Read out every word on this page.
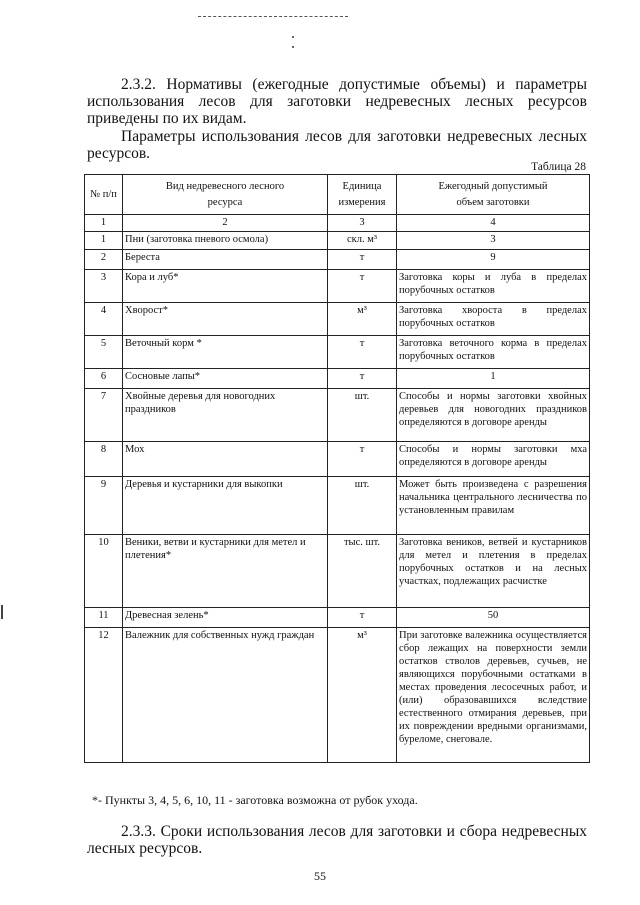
2.3.2. Нормативы (ежегодные допустимые объемы) и параметры использования лесов для заготовки недревесных лесных ресурсов приведены по их видам.

Параметры использования лесов для заготовки недревесных лесных ресурсов.

Таблица 28
№ п/п	Вид недревесного лесного ресурса	Единица измерения	Ежегодный допустимый объем заготовки
1	2	3	4
1	Пни (заготовка пневого осмола)	скл. м³	3
2	Береста	т	9
3	Кора и луб*	т	Заготовка коры и луба в пределах порубочных остатков
4	Хворост*	м³	Заготовка хвороста в пределах порубочных остатков
5	Веточный корм *	т	Заготовка веточного корма в пределах порубочных остатков
6	Сосновые лапы*	т	1
7	Хвойные деревья для новогодних праздников	шт.	Способы и нормы заготовки хвойных деревьев для новогодних праздников определяются в договоре аренды
8	Мох	т	Способы и нормы заготовки мха определяются в договоре аренды
9	Деревья и кустарники для выкопки	шт.	Может быть произведена с разрешения начальника центрального лесничества по установленным правилам
10	Веники, ветви и кустарники для метел и плетения*	тыс. шт.	Заготовка веников, ветвей и кустарников для метел и плетения в пределах порубочных остатков и на лесных участках, подлежащих расчистке
11	Древесная зелень*	т	50
12	Валежник для собственных нужд граждан	м³	При заготовке валежника осуществляется сбор лежащих на поверхности земли остатков стволов деревьев, сучьев, не являющихся порубочными остатками в местах проведения лесосечных работ, и (или) образовавшихся вследствие естественного отмирания деревьев, при их повреждении вредными организмами, буреломе, снеговале.
*- Пункты 3, 4, 5, 6, 10, 11 - заготовка возможна от рубок ухода.

2.3.3. Сроки использования лесов для заготовки и сбора недревесных лесных ресурсов.

55
